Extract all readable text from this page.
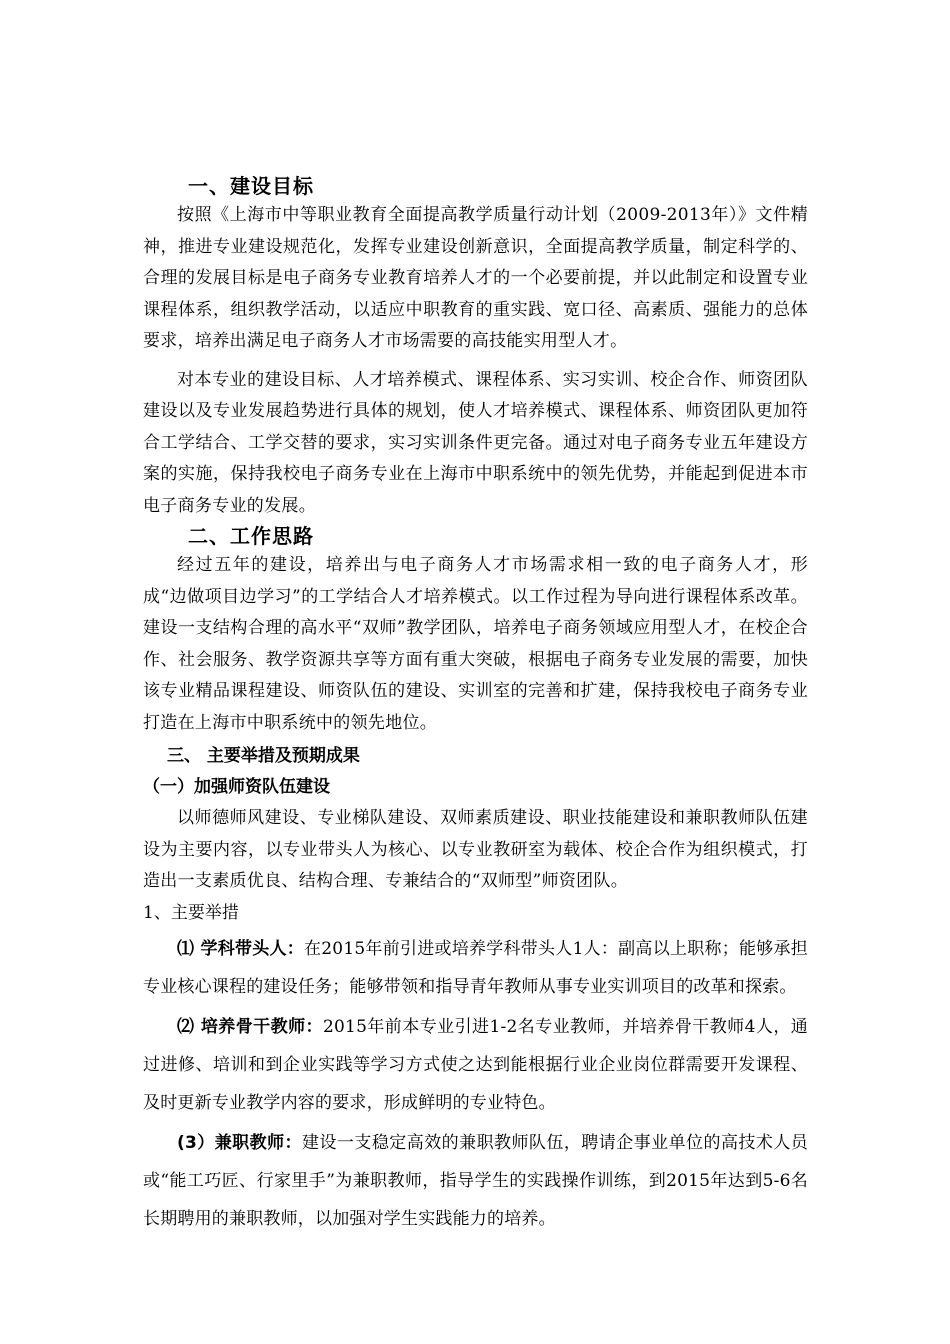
一、建设目标

按照《上海市中等职业教育全面提高教学质量行动计划（2009-2013年）》文件精神，推进专业建设规范化，发挥专业建设创新意识，全面提高教学质量，制定科学的、合理的发展目标是电子商务专业教育培养人才的一个必要前提，并以此制定和设置专业课程体系，组织教学活动，以适应中职教育的重实践、宽口径、高素质、强能力的总体要求，培养出满足电子商务人才市场需要的高技能实用型人才。

对本专业的建设目标、人才培养模式、课程体系、实习实训、校企合作、师资团队建设以及专业发展趋势进行具体的规划，使人才培养模式、课程体系、师资团队更加符合工学结合、工学交替的要求，实习实训条件更完备。通过对电子商务专业五年建设方案的实施，保持我校电子商务专业在上海市中职系统中的领先优势，并能起到促进本市电子商务专业的发展。

二、工作思路

经过五年的建设，培养出与电子商务人才市场需求相一致的电子商务人才，形成“边做项目边学习”的工学结合人才培养模式。以工作过程为导向进行课程体系改革。建设一支结构合理的高水平“双师”教学团队，培养电子商务领域应用型人才，在校企合作、社会服务、教学资源共享等方面有重大突破，根据电子商务专业发展的需要，加快该专业精品课程建设、师资队伍的建设、实训室的完善和扩建，保持我校电子商务专业打造在上海市中职系统中的领先地位。

三、 主要举措及预期成果
（一）加强师资队伍建设

以师德师风建设、专业梯队建设、双师素质建设、职业技能建设和兼职教师队伍建设为主要内容，以专业带头人为核心、以专业教研室为载体、校企合作为组织模式，打造出一支素质优良、结构合理、专兼结合的“双师型”师资团队。

1、主要举措

⑴ 学科带头人：在2015年前引进或培养学科带头人1人：副高以上职称；能够承担专业核心课程的建设任务；能够带领和指导青年教师从事专业实训项目的改革和探索。

⑵ 培养骨干教师：2015年前本专业引进1-2名专业教师，并培养骨干教师4人，通过进修、培训和到企业实践等学习方式使之达到能根据行业企业岗位群需要开发课程、及时更新专业教学内容的要求，形成鲜明的专业特色。

(3）兼职教师：建设一支稳定高效的兼职教师队伍，聘请企事业单位的高技术人员或“能工巧匠、行家里手”为兼职教师，指导学生的实践操作训练，到2015年达到5-6名长期聘用的兼职教师，以加强对学生实践能力的培养。
